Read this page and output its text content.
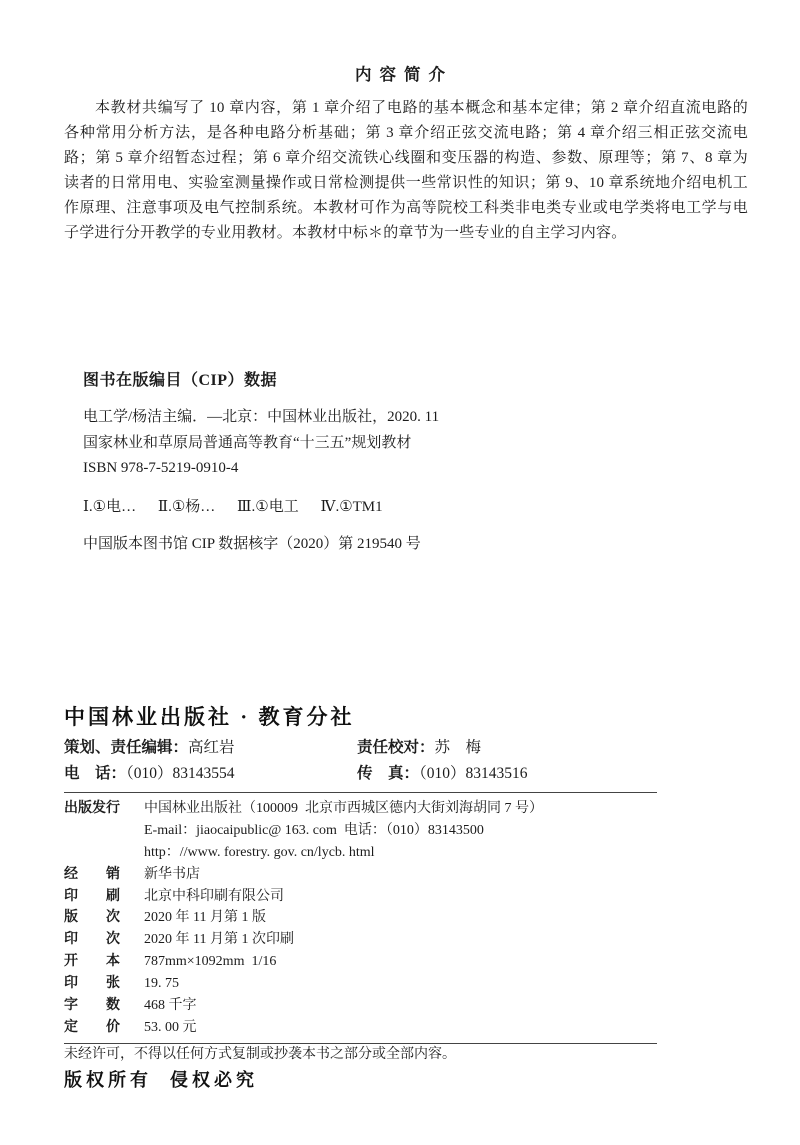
内容简介
本教材共编写了 10 章内容，第 1 章介绍了电路的基本概念和基本定律；第 2 章介绍直流电路的
各种常用分析方法，是各种电路分析基础；第 3 章介绍正弦交流电路；第 4 章介绍三相正弦交流电
路；第 5 章介绍暂态过程；第 6 章介绍交流铁心线圈和变压器的构造、参数、原理等；第 7、8 章为
读者的日常用电、实验室测量操作或日常检测提供一些常识性的知识；第 9、10 章系统地介绍电机工
作原理、注意事项及电气控制系统。本教材可作为高等院校工科类非电类专业或电学类将电工学与电
子学进行分开教学的专业用教材。本教材中标＊的章节为一些专业的自主学习内容。
图书在版编目（CIP）数据
电工学/杨洁主编．—北京：中国林业出版社，2020. 11
国家林业和草原局普通高等教育“十三五”规划教材
ISBN 978-7-5219-0910-4
Ⅰ.①电… Ⅱ.①杨… Ⅲ.①电工 Ⅳ.①TM1
中国版本图书馆 CIP 数据核字（2020）第 219540 号
中国林业出版社 · 教育分社
策划、责任编辑：高红岩	责任校对：苏　梅
电　话：（010）83143554	传　真：（010）83143516
出版发行 中国林业出版社（100009  北京市西城区德内大街刘海胡同 7 号）
E-mail：jiaocaipublic@ 163. com  电话：（010）83143500
http：//www. forestry. gov. cn/lycb. html
经　　销 新华书店
印　　刷 北京中科印刷有限公司
版　　次 2020 年 11 月第 1 版
印　　次 2020 年 11 月第 1 次印刷
开　　本 787mm×1092mm  1/16
印　　张 19. 75
字　　数 468 千字
定　　价 53. 00 元
未经许可，不得以任何方式复制或抄袭本书之部分或全部内容。
版权所有 侵权必究
